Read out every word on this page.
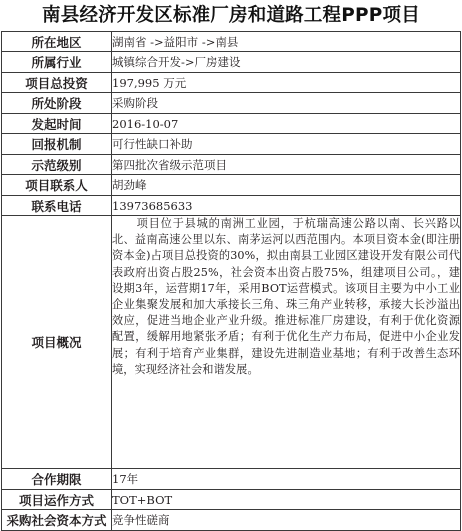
南县经济开发区标准厂房和道路工程PPP项目
所在地区	湖南省 ->益阳市 ->南县
所属行业	城镇综合开发->厂房建设
项目总投资	197,995 万元
所处阶段	采购阶段
发起时间	2016-10-07
回报机制	可行性缺口补助
示范级别	第四批次省级示范项目
项目联系人	胡劲峰
联系电话	13973685633
项目概况	项目位于县城的南洲工业园，于杭瑞高速公路以南、长兴路以北、益南高速公里以东、南茅运河以西范围内。本项目资本金(即注册资本金)占项目总投资的30%，拟由南县工业园区建设开发有限公司代表政府出资占股25%，社会资本出资占股75%，组建项目公司。，建设期3年，运营期17年，采用BOT运营模式。该项目主要为中小工业企业集聚发展和加大承接长三角、珠三角产业转移，承接大长沙溢出效应，促进当地企业产业升级。推进标准厂房建设，有利于优化资源配置，缓解用地紧张矛盾；有利于优化生产力布局，促进中小企业发展；有利于培育产业集群，建设先进制造业基地；有利于改善生态环境，实现经济社会和谐发展。

合作期限	17年
项目运作方式	TOT+BOT
采购社会资本方式	竞争性磋商
